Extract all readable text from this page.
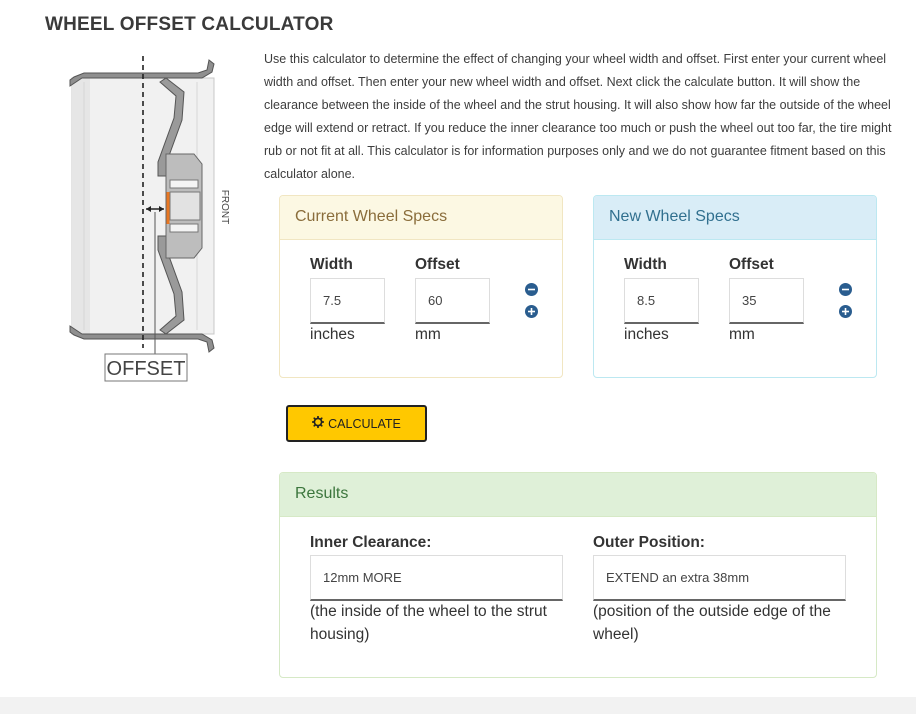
WHEEL OFFSET CALCULATOR
FRONT
OFFSET

Use this calculator to determine the effect of changing your wheel width and offset. First enter your current wheel width and offset. Then enter your new wheel width and offset. Next click the calculate button. It will show the clearance between the inside of the wheel and the strut housing. It will also show how far the outside of the wheel edge will extend or retract. If you reduce the inner clearance too much or push the wheel out too far, the tire might rub or not fit at all. This calculator is for information purposes only and we do not guarantee fitment based on this calculator alone.

Current Wheel Specs
Width
7.5
inches
Offset
60
mm
New Wheel Specs
Width
8.5
inches
Offset
35
mm
CALCULATE
Results
Inner Clearance:
12mm MORE
(the inside of the wheel to the strut housing)
Outer Position:
EXTEND an extra 38mm
(position of the outside edge of the wheel)
